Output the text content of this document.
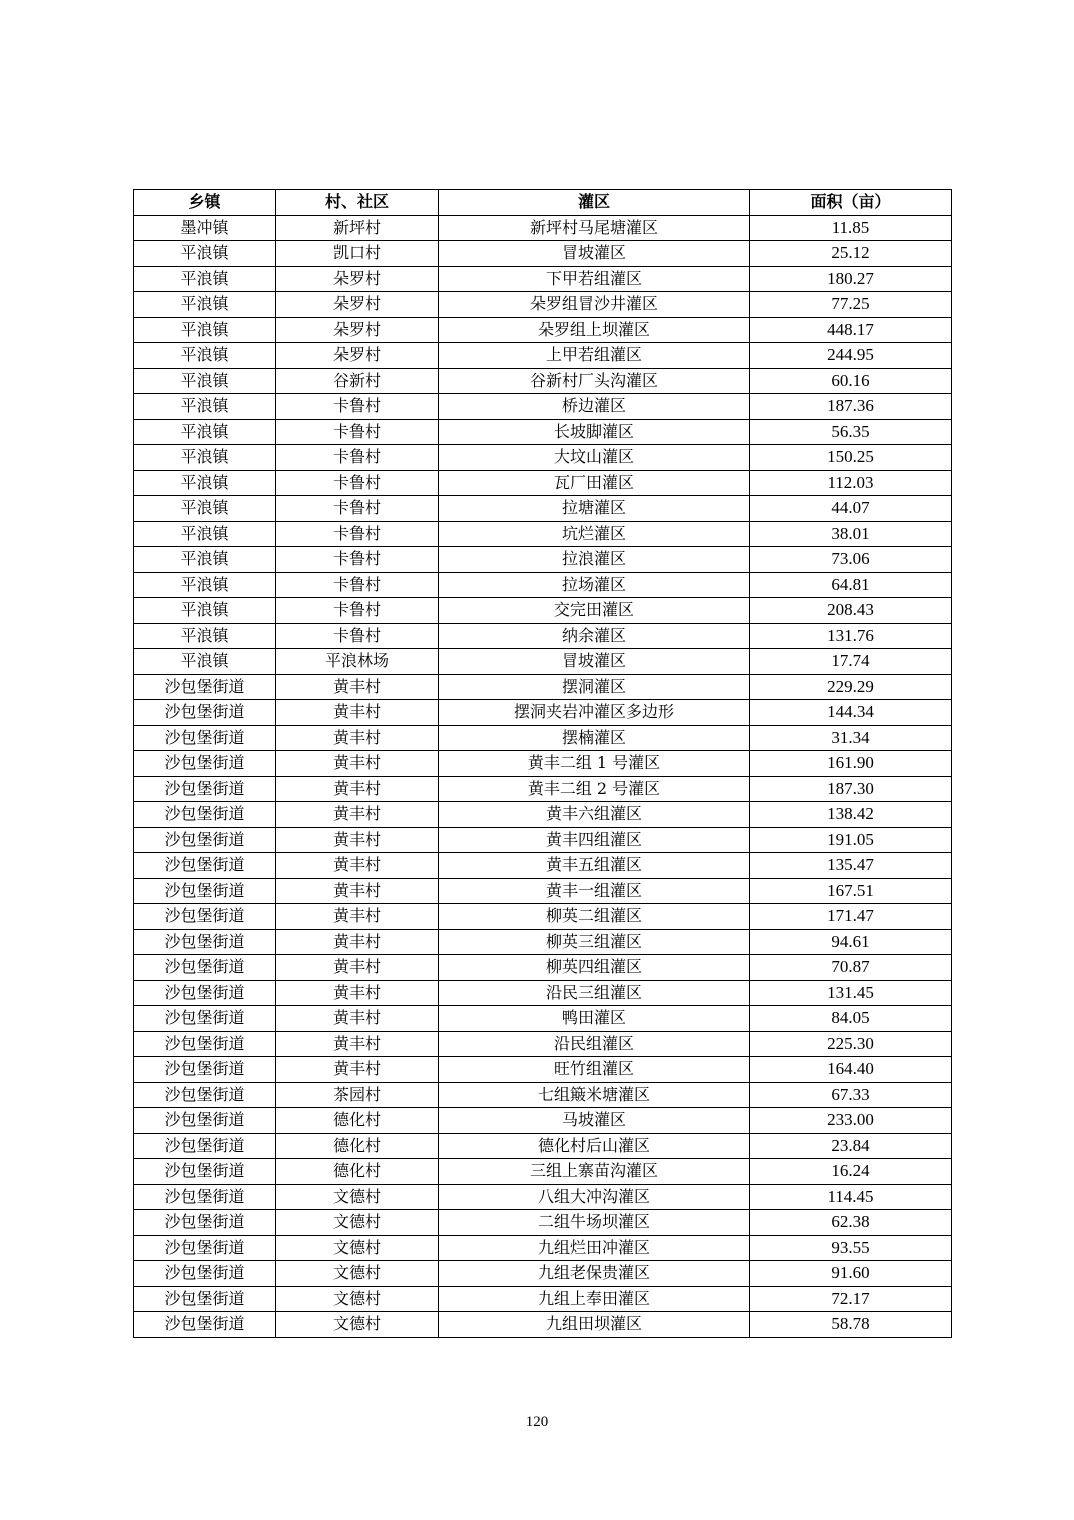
乡镇	村、社区	灌区	面积（亩）
墨冲镇	新坪村	新坪村马尾塘灌区	11.85
平浪镇	凯口村	冒坡灌区	25.12
平浪镇	朵罗村	下甲若组灌区	180.27
平浪镇	朵罗村	朵罗组冒沙井灌区	77.25
平浪镇	朵罗村	朵罗组上坝灌区	448.17
平浪镇	朵罗村	上甲若组灌区	244.95
平浪镇	谷新村	谷新村厂头沟灌区	60.16
平浪镇	卡鲁村	桥边灌区	187.36
平浪镇	卡鲁村	长坡脚灌区	56.35
平浪镇	卡鲁村	大坟山灌区	150.25
平浪镇	卡鲁村	瓦厂田灌区	112.03
平浪镇	卡鲁村	拉塘灌区	44.07
平浪镇	卡鲁村	坑烂灌区	38.01
平浪镇	卡鲁村	拉浪灌区	73.06
平浪镇	卡鲁村	拉场灌区	64.81
平浪镇	卡鲁村	交完田灌区	208.43
平浪镇	卡鲁村	纳余灌区	131.76
平浪镇	平浪林场	冒坡灌区	17.74
沙包堡街道	黄丰村	摆洞灌区	229.29
沙包堡街道	黄丰村	摆洞夹岩冲灌区多边形	144.34
沙包堡街道	黄丰村	摆楠灌区	31.34
沙包堡街道	黄丰村	黄丰二组 1 号灌区	161.90
沙包堡街道	黄丰村	黄丰二组 2 号灌区	187.30
沙包堡街道	黄丰村	黄丰六组灌区	138.42
沙包堡街道	黄丰村	黄丰四组灌区	191.05
沙包堡街道	黄丰村	黄丰五组灌区	135.47
沙包堡街道	黄丰村	黄丰一组灌区	167.51
沙包堡街道	黄丰村	柳英二组灌区	171.47
沙包堡街道	黄丰村	柳英三组灌区	94.61
沙包堡街道	黄丰村	柳英四组灌区	70.87
沙包堡街道	黄丰村	沿民三组灌区	131.45
沙包堡街道	黄丰村	鸭田灌区	84.05
沙包堡街道	黄丰村	沿民组灌区	225.30
沙包堡街道	黄丰村	旺竹组灌区	164.40
沙包堡街道	茶园村	七组簸米塘灌区	67.33
沙包堡街道	德化村	马坡灌区	233.00
沙包堡街道	德化村	德化村后山灌区	23.84
沙包堡街道	德化村	三组上寨苗沟灌区	16.24
沙包堡街道	文德村	八组大冲沟灌区	114.45
沙包堡街道	文德村	二组牛场坝灌区	62.38
沙包堡街道	文德村	九组烂田冲灌区	93.55
沙包堡街道	文德村	九组老保贵灌区	91.60
沙包堡街道	文德村	九组上奉田灌区	72.17
沙包堡街道	文德村	九组田坝灌区	58.78
120
